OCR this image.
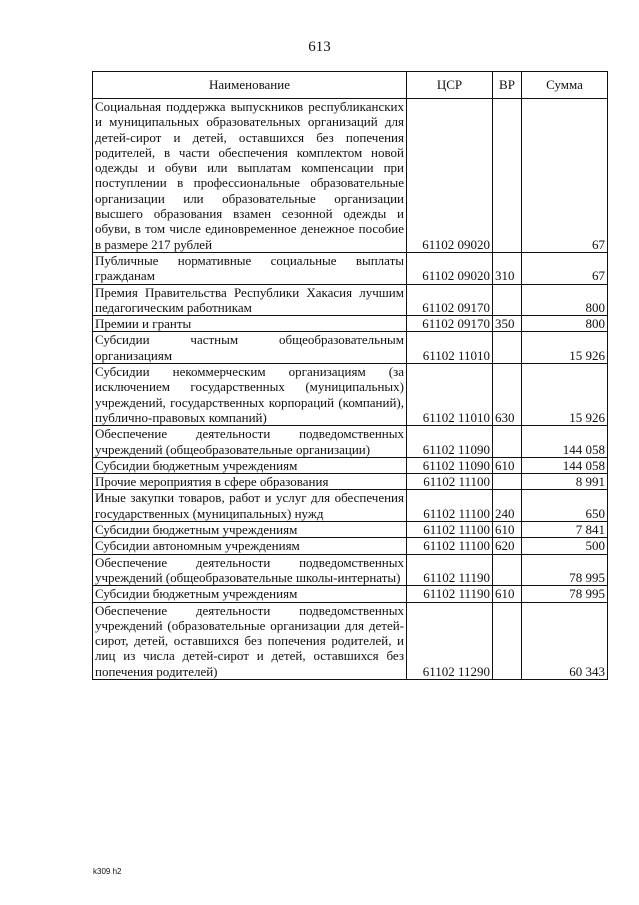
613
Наименование	ЦСР	ВР	Сумма
Социальная поддержка выпускников республиканских и муниципальных образовательных организаций для детей-сирот и детей, оставшихся без попечения родителей, в части обеспечения комплектом новой одежды и обуви или выплатам компенсации при поступлении в профессиональные образовательные организации или образовательные организации высшего образования взамен сезонной одежды и обуви, в том числе единовременное денежное пособие в размере 217 рублей	61102 09020		67
Публичные нормативные социальные выплаты гражданам	61102 09020	310	67
Премия Правительства Республики Хакасия лучшим педагогическим работникам	61102 09170		800
Премии и гранты	61102 09170	350	800
Субсидии частным общеобразовательным организациям	61102 11010		15 926
Субсидии некоммерческим организациям (за исключением государственных (муниципальных) учреждений, государственных корпораций (компаний), публично-правовых компаний)	61102 11010	630	15 926
Обеспечение деятельности подведомственных учреждений (общеобразовательные организации)	61102 11090		144 058
Субсидии бюджетным учреждениям	61102 11090	610	144 058
Прочие мероприятия в сфере образования	61102 11100		8 991
Иные закупки товаров, работ и услуг для обеспечения государственных (муниципальных) нужд	61102 11100	240	650
Субсидии бюджетным учреждениям	61102 11100	610	7 841
Субсидии автономным учреждениям	61102 11100	620	500
Обеспечение деятельности подведомственных учреждений (общеобразовательные школы-интернаты)	61102 11190		78 995
Субсидии бюджетным учреждениям	61102 11190	610	78 995
Обеспечение деятельности подведомственных учреждений (образовательные организации для детей-сирот, детей, оставшихся без попечения родителей, и лиц из числа детей-сирот и детей, оставшихся без попечения родителей)	61102 11290		60 343
k309 h2
